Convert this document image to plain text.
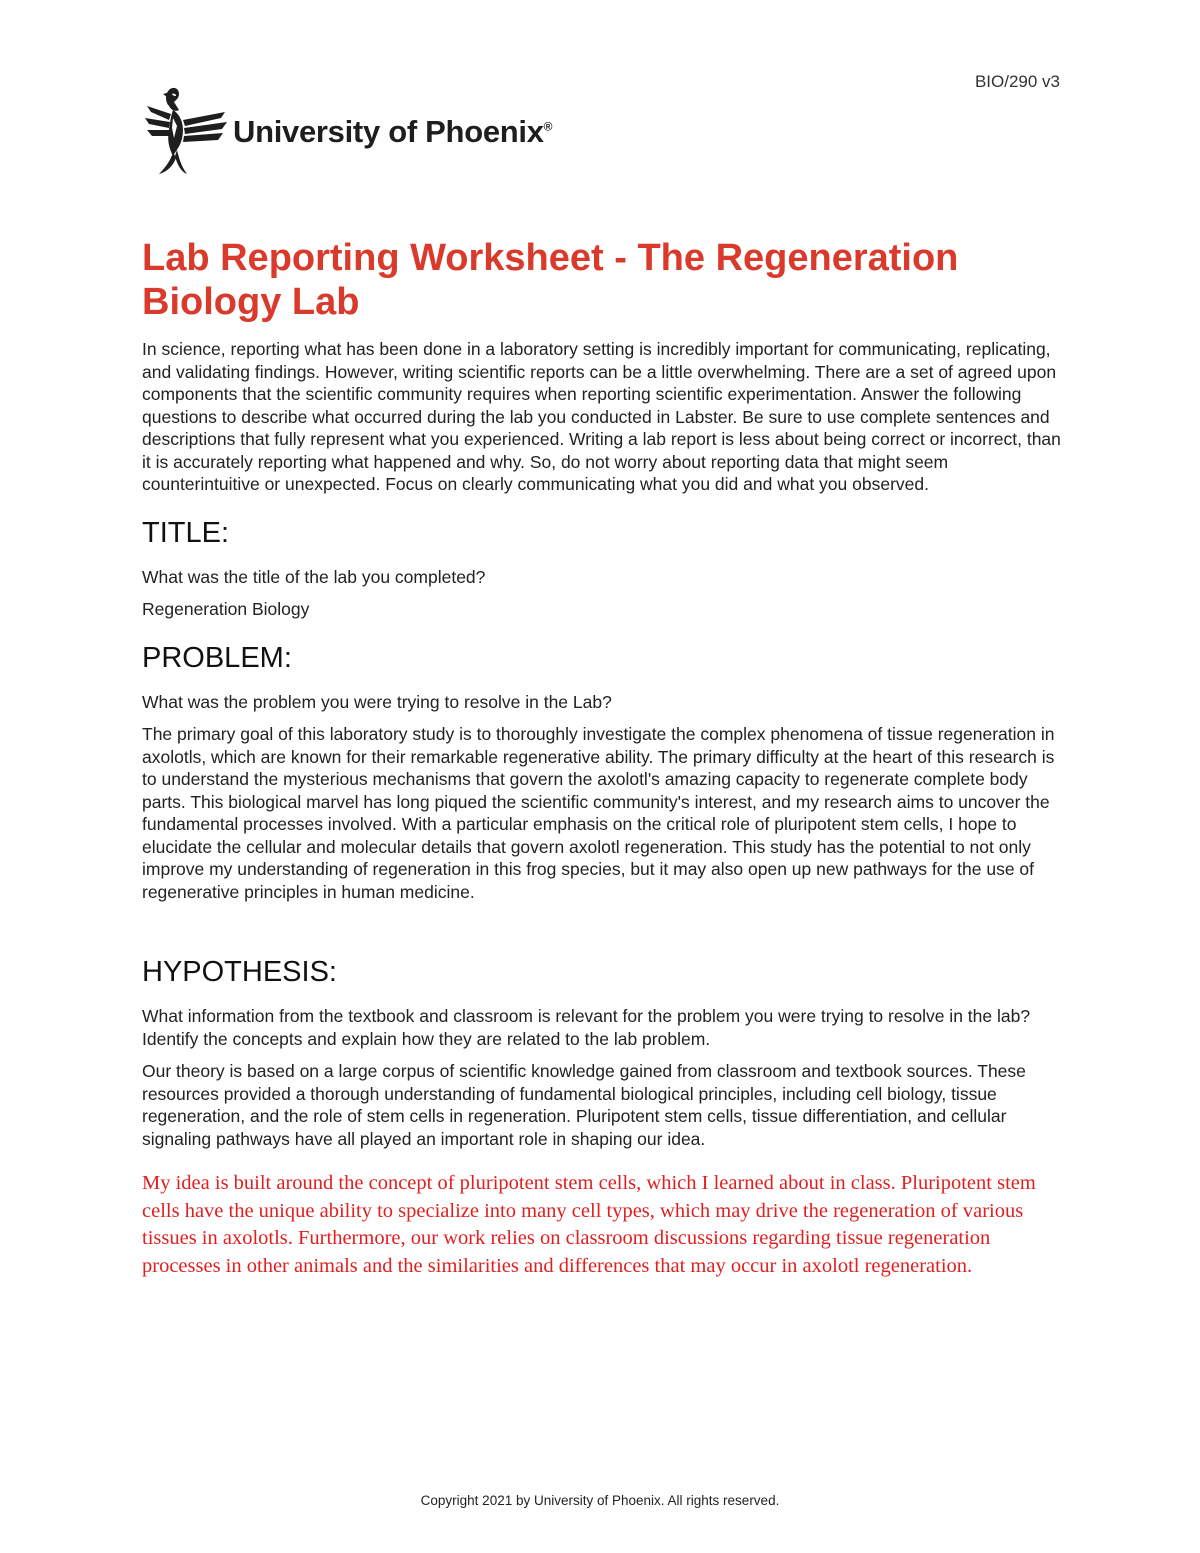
BIO/290 v3
University of Phoenix®
Lab Reporting Worksheet - The Regeneration Biology Lab

In science, reporting what has been done in a laboratory setting is incredibly important for communicating, replicating, and validating findings. However, writing scientific reports can be a little overwhelming. There are a set of agreed upon components that the scientific community requires when reporting scientific experimentation. Answer the following questions to describe what occurred during the lab you conducted in Labster. Be sure to use complete sentences and descriptions that fully represent what you experienced. Writing a lab report is less about being correct or incorrect, than it is accurately reporting what happened and why. So, do not worry about reporting data that might seem counterintuitive or unexpected. Focus on clearly communicating what you did and what you observed.

TITLE:

What was the title of the lab you completed?

Regeneration Biology

PROBLEM:

What was the problem you were trying to resolve in the Lab?

The primary goal of this laboratory study is to thoroughly investigate the complex phenomena of tissue regeneration in axolotls, which are known for their remarkable regenerative ability. The primary difficulty at the heart of this research is to understand the mysterious mechanisms that govern the axolotl's amazing capacity to regenerate complete body parts. This biological marvel has long piqued the scientific community's interest, and my research aims to uncover the fundamental processes involved. With a particular emphasis on the critical role of pluripotent stem cells, I hope to elucidate the cellular and molecular details that govern axolotl regeneration. This study has the potential to not only improve my understanding of regeneration in this frog species, but it may also open up new pathways for the use of regenerative principles in human medicine.

HYPOTHESIS:

What information from the textbook and classroom is relevant for the problem you were trying to resolve in the lab? Identify the concepts and explain how they are related to the lab problem.

Our theory is based on a large corpus of scientific knowledge gained from classroom and textbook sources. These resources provided a thorough understanding of fundamental biological principles, including cell biology, tissue regeneration, and the role of stem cells in regeneration. Pluripotent stem cells, tissue differentiation, and cellular signaling pathways have all played an important role in shaping our idea.

My idea is built around the concept of pluripotent stem cells, which I learned about in class. Pluripotent stem cells have the unique ability to specialize into many cell types, which may drive the regeneration of various tissues in axolotls. Furthermore, our work relies on classroom discussions regarding tissue regeneration processes in other animals and the similarities and differences that may occur in axolotl regeneration.

Copyright 2021 by University of Phoenix. All rights reserved.
